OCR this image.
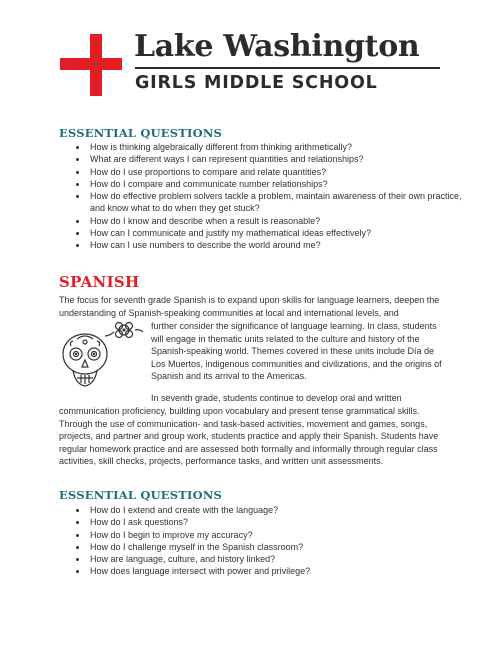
Lake Washington

GIRLS MIDDLE SCHOOL

ESSENTIAL QUESTIONS
• How is thinking algebraically different from thinking arithmetically?
• What are different ways I can represent quantities and relationships?
• How do I use proportions to compare and relate quantities?
• How do I compare and communicate number relationships?
• How do effective problem solvers tackle a problem, maintain awareness of their own practice, and know what to do when they get stuck?
• How do I know and describe when a result is reasonable?
• How can I communicate and justify my mathematical ideas effectively?
• How can I use numbers to describe the world around me?
SPANISH

The focus for seventh grade Spanish is to expand upon skills for language learners, deepen the understanding of Spanish-speaking communities at local and international levels, and

further consider the significance of language learning. In class, students will engage in thematic units related to the culture and history of the Spanish-speaking world. Themes covered in these units include Día de Los Muertos, indigenous communities and civilizations, and the origins of Spanish and its arrival to the Americas.

In seventh grade, students continue to develop oral and written

communication proficiency, building upon vocabulary and present tense grammatical skills. Through the use of communication- and task-based activities, movement and games, songs, projects, and partner and group work, students practice and apply their Spanish. Students have regular homework practice and are assessed both formally and informally through regular class activities, skill checks, projects, performance tasks, and written unit assessments.

ESSENTIAL QUESTIONS
• How do I extend and create with the language?
• How do I ask questions?
• How do I begin to improve my accuracy?
• How do I challenge myself in the Spanish classroom?
• How are language, culture, and history linked?
• How does language intersect with power and privilege?
